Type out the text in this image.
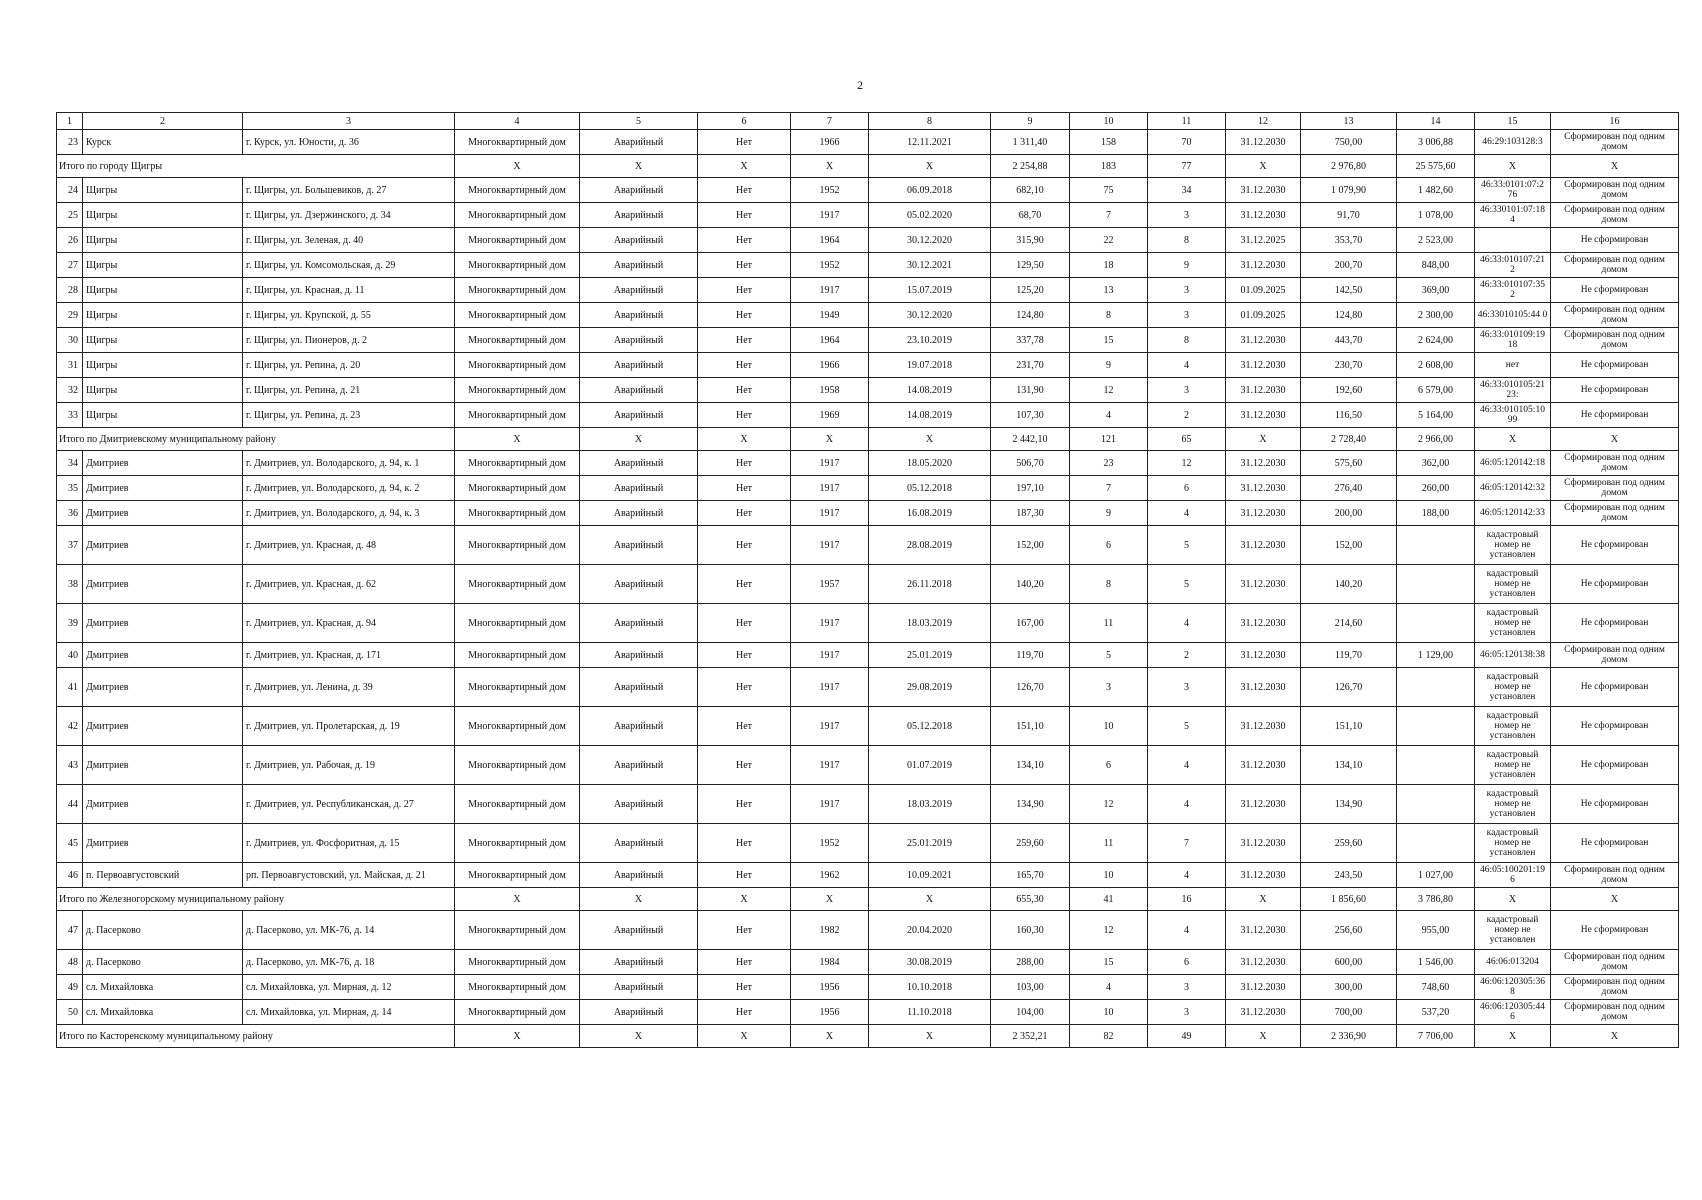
2
1	2	3	4	5	6	7	8	9	10	11	12	13	14	15	16
23	Курск	г. Курск, ул. Юности, д. 36	Многоквартирный дом	Аварийный	Нет	1966	12.11.2021	1 311,40	158	70	31.12.2030	750,00	3 006,88	46:29:103128:3	Сформирован под одним домом
Итого по городу Щигры			X	X	X	X	X	2 254,88	183	77	X	2 976,80	25 575,60	X	X
24	Щигры	г. Щигры, ул. Большевиков, д. 27	Многоквартирный дом	Аварийный	Нет	1952	06.09.2018	682,10	75	34	31.12.2030	1 079,90	1 482,60	46:33:0101:07:2 76	Сформирован под одним домом
25	Щигры	г. Щигры, ул. Дзержинского, д. 34	Многоквартирный дом	Аварийный	Нет	1917	05.02.2020	68,70	7	3	31.12.2030	91,70	1 078,00	46:330101:07:18 4	Сформирован под одним домом
26	Щигры	г. Щигры, ул. Зеленая, д. 40	Многоквартирный дом	Аварийный	Нет	1964	30.12.2020	315,90	22	8	31.12.2025	353,70	2 523,00		Не сформирован
27	Щигры	г. Щигры, ул. Комсомольская, д. 29	Многоквартирный дом	Аварийный	Нет	1952	30.12.2021	129,50	18	9	31.12.2030	200,70	848,00	46:33:010107:21 2	Сформирован под одним домом
28	Щигры	г. Щигры, ул. Красная, д. 11	Многоквартирный дом	Аварийный	Нет	1917	15.07.2019	125,20	13	3	01.09.2025	142,50	369,00	46:33:010107:35 2	Не сформирован
29	Щигры	г. Щигры, ул. Крупской, д. 55	Многоквартирный дом	Аварийный	Нет	1949	30.12.2020	124,80	8	3	01.09.2025	124,80	2 300,00	46:33010105:44 0	Сформирован под одним домом
30	Щигры	г. Щигры, ул. Пионеров, д. 2	Многоквартирный дом	Аварийный	Нет	1964	23.10.2019	337,78	15	8	31.12.2030	443,70	2 624,00	46:33:010109:19 18	Сформирован под одним домом
31	Щигры	г. Щигры, ул. Репина, д. 20	Многоквартирный дом	Аварийный	Нет	1966	19.07.2018	231,70	9	4	31.12.2030	230,70	2 608,00	нет	Не сформирован
32	Щигры	г. Щигры, ул. Репина, д. 21	Многоквартирный дом	Аварийный	Нет	1958	14.08.2019	131,90	12	3	31.12.2030	192,60	6 579,00	46:33:010105:21 23:	Не сформирован
33	Щигры	г. Щигры, ул. Репина, д. 23	Многоквартирный дом	Аварийный	Нет	1969	14.08.2019	107,30	4	2	31.12.2030	116,50	5 164,00	46:33:010105:10 99	Не сформирован
Итого по Дмитриевскому муниципальному району			X	X	X	X	X	2 442,10	121	65	X	2 728,40	2 966,00	X	X
34	Дмитриев	г. Дмитриев, ул. Володарского, д. 94, к. 1	Многоквартирный дом	Аварийный	Нет	1917	18.05.2020	506,70	23	12	31.12.2030	575,60	362,00	46:05:120142:18	Сформирован под одним домом
35	Дмитриев	г. Дмитриев, ул. Володарского, д. 94, к. 2	Многоквартирный дом	Аварийный	Нет	1917	05.12.2018	197,10	7	6	31.12.2030	276,40	260,00	46:05:120142:32	Сформирован под одним домом
36	Дмитриев	г. Дмитриев, ул. Володарского, д. 94, к. 3	Многоквартирный дом	Аварийный	Нет	1917	16.08.2019	187,30	9	4	31.12.2030	200,00	188,00	46:05:120142:33	Сформирован под одним домом
37	Дмитриев	г. Дмитриев, ул. Красная, д. 48	Многоквартирный дом	Аварийный	Нет	1917	28.08.2019	152,00	6	5	31.12.2030	152,00		кадастровый номер не установлен	Не сформирован
38	Дмитриев	г. Дмитриев, ул. Красная, д. 62	Многоквартирный дом	Аварийный	Нет	1957	26.11.2018	140,20	8	5	31.12.2030	140,20		кадастровый номер не установлен	Не сформирован
39	Дмитриев	г. Дмитриев, ул. Красная, д. 94	Многоквартирный дом	Аварийный	Нет	1917	18.03.2019	167,00	11	4	31.12.2030	214,60		кадастровый номер не установлен	Не сформирован
40	Дмитриев	г. Дмитриев, ул. Красная, д. 171	Многоквартирный дом	Аварийный	Нет	1917	25.01.2019	119,70	5	2	31.12.2030	119,70	1 129,00	46:05:120138:38	Сформирован под одним домом
41	Дмитриев	г. Дмитриев, ул. Ленина, д. 39	Многоквартирный дом	Аварийный	Нет	1917	29.08.2019	126,70	3	3	31.12.2030	126,70		кадастровый номер не установлен	Не сформирован
42	Дмитриев	г. Дмитриев, ул. Пролетарская, д. 19	Многоквартирный дом	Аварийный	Нет	1917	05.12.2018	151,10	10	5	31.12.2030	151,10		кадастровый номер не установлен	Не сформирован
43	Дмитриев	г. Дмитриев, ул. Рабочая, д. 19	Многоквартирный дом	Аварийный	Нет	1917	01.07.2019	134,10	6	4	31.12.2030	134,10		кадастровый номер не установлен	Не сформирован
44	Дмитриев	г. Дмитриев, ул. Республиканская, д. 27	Многоквартирный дом	Аварийный	Нет	1917	18.03.2019	134,90	12	4	31.12.2030	134,90		кадастровый номер не установлен	Не сформирован
45	Дмитриев	г. Дмитриев, ул. Фосфоритная, д. 15	Многоквартирный дом	Аварийный	Нет	1952	25.01.2019	259,60	11	7	31.12.2030	259,60		кадастровый номер не установлен	Не сформирован
46	п. Первоавгустовский	рп. Первоавгустовский, ул. Майская, д. 21	Многоквартирный дом	Аварийный	Нет	1962	10.09.2021	165,70	10	4	31.12.2030	243,50	1 027,00	46:05:100201:19 6	Сформирован под одним домом
Итого по Железногорскому муниципальному району			X	X	X	X	X	655,30	41	16	X	1 856,60	3 786,80	X	X
47	д. Пасерково	д. Пасерково, ул. МК-76, д. 14	Многоквартирный дом	Аварийный	Нет	1982	20.04.2020	160,30	12	4	31.12.2030	256,60	955,00	кадастровый номер не установлен	Не сформирован
48	д. Пасерково	д. Пасерково, ул. МК-76, д. 18	Многоквартирный дом	Аварийный	Нет	1984	30.08.2019	288,00	15	6	31.12.2030	600,00	1 546,00	46:06:013204	Сформирован под одним домом
49	сл. Михайловка	сл. Михайловка, ул. Мирная, д. 12	Многоквартирный дом	Аварийный	Нет	1956	10.10.2018	103,00	4	3	31.12.2030	300,00	748,60	46:06:120305:36 8	Сформирован под одним домом
50	сл. Михайловка	сл. Михайловка, ул. Мирная, д. 14	Многоквартирный дом	Аварийный	Нет	1956	11.10.2018	104,00	10	3	31.12.2030	700,00	537,20	46:06:120305:44 6	Сформирован под одним домом
Итого по Касторенскому муниципальному району			X	X	X	X	X	2 352,21	82	49	X	2 336,90	7 706,00	X	X
